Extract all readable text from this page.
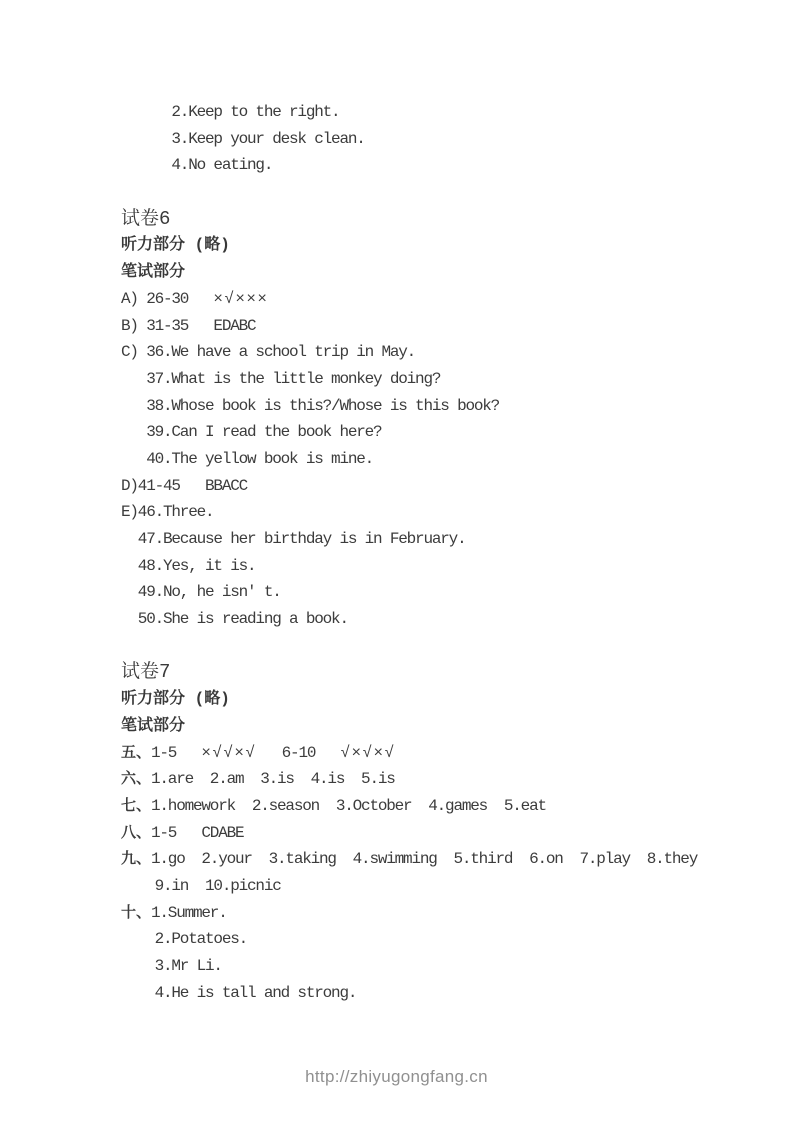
2.Keep to the right.
3.Keep your desk clean.
4.No eating.
试卷6
听力部分 (略)
笔试部分
A) 26-30   ×√×××
B) 31-35   EDABC
C) 36.We have a school trip in May.
37.What is the little monkey doing?
38.Whose book is this?/Whose is this book?
39.Can I read the book here?
40.The yellow book is mine.
D)41-45   BBACC
E)46.Three.
47.Because her birthday is in February.
48.Yes, it is.
49.No, he isn' t.
50.She is reading a book.
试卷7
听力部分 (略)
笔试部分
五、1-5   ×√√×√   6-10   √×√×√
六、1.are  2.am  3.is  4.is  5.is
七、1.homework  2.season  3.October  4.games  5.eat
八、1-5   CDABE
九、1.go  2.your  3.taking  4.swimming  5.third  6.on  7.play  8.they
9.in  10.picnic
十、1.Summer.
2.Potatoes.
3.Mr Li.
4.He is tall and strong.
http://zhiyugongfang.cn
